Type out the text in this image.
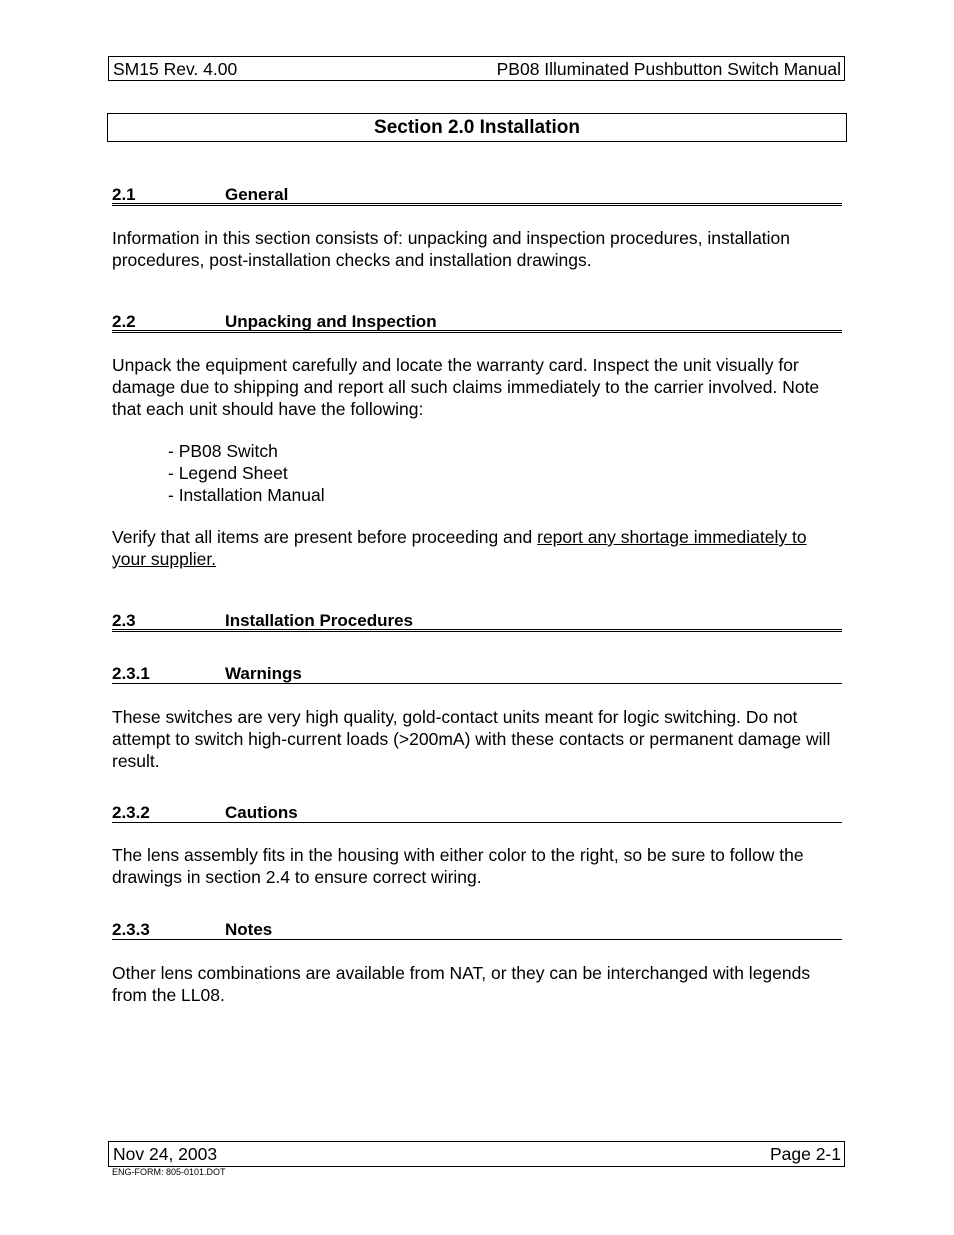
SM15 Rev. 4.00	PB08 Illuminated Pushbutton Switch Manual
Section 2.0 Installation
2.1	General

Information in this section consists of: unpacking and inspection procedures, installation procedures, post-installation checks and installation drawings.

2.2	Unpacking and Inspection

Unpack the equipment carefully and locate the warranty card. Inspect the unit visually for damage due to shipping and report all such claims immediately to the carrier involved. Note that each unit should have the following:

- PB08 Switch
- Legend Sheet
- Installation Manual

Verify that all items are present before proceeding and report any shortage immediately to your supplier.

2.3	Installation Procedures
2.3.1	Warnings

These switches are very high quality, gold-contact units meant for logic switching. Do not attempt to switch high-current loads (>200mA) with these contacts or permanent damage will result.

2.3.2	Cautions

The lens assembly fits in the housing with either color to the right, so be sure to follow the drawings in section 2.4 to ensure correct wiring.

2.3.3	Notes

Other lens combinations are available from NAT, or they can be interchanged with legends from the LL08.

Nov 24, 2003	Page 2-1
ENG-FORM: 805-0101.DOT
